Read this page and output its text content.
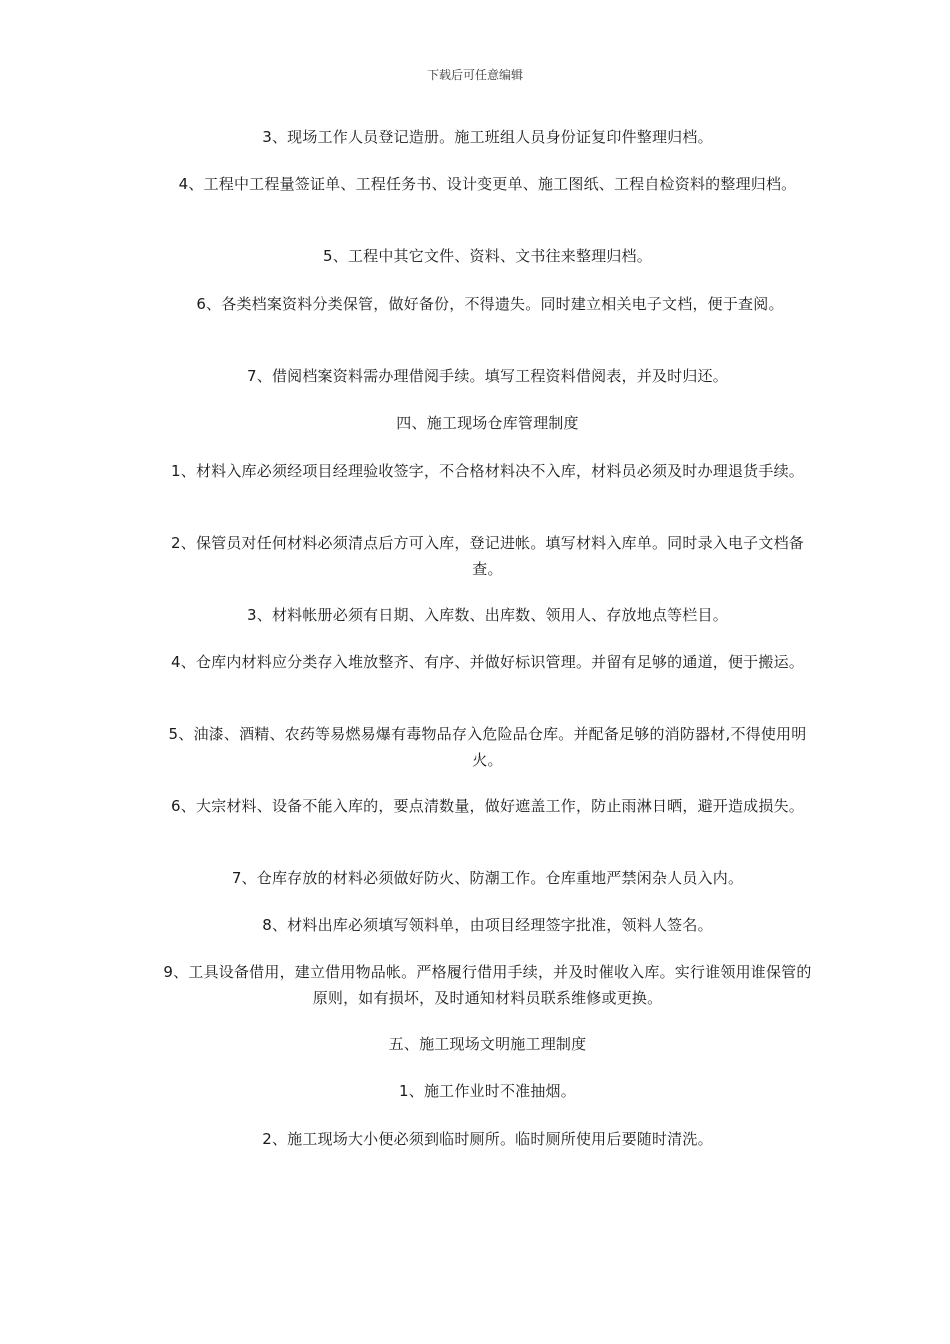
下载后可任意编辑
3、现场工作人员登记造册。施工班组人员身份证复印件整理归档。
4、工程中工程量签证单、工程任务书、设计变更单、施工图纸、工程自检资料的整理归档。
5、工程中其它文件、资料、文书往来整理归档。
6、各类档案资料分类保管，做好备份，不得遗失。同时建立相关电子文档，便于查阅。
7、借阅档案资料需办理借阅手续。填写工程资料借阅表，并及时归还。
四、施工现场仓库管理制度
1、材料入库必须经项目经理验收签字，不合格材料决不入库，材料员必须及时办理退货手续。
2、保管员对任何材料必须清点后方可入库，登记进帐。填写材料入库单。同时录入电子文档备查。
3、材料帐册必须有日期、入库数、出库数、领用人、存放地点等栏目。
4、仓库内材料应分类存入堆放整齐、有序、并做好标识管理。并留有足够的通道，便于搬运。
5、油漆、酒精、农药等易燃易爆有毒物品存入危险品仓库。并配备足够的消防器材,不得使用明火。
6、大宗材料、设备不能入库的，要点清数量，做好遮盖工作，防止雨淋日晒，避开造成损失。
7、仓库存放的材料必须做好防火、防潮工作。仓库重地严禁闲杂人员入内。
8、材料出库必须填写领料单，由项目经理签字批准，领料人签名。
9、工具设备借用，建立借用物品帐。严格履行借用手续，并及时催收入库。实行谁领用谁保管的原则，如有损坏，及时通知材料员联系维修或更换。
五、施工现场文明施工理制度
1、施工作业时不准抽烟。
2、施工现场大小便必须到临时厕所。临时厕所使用后要随时清洗。
